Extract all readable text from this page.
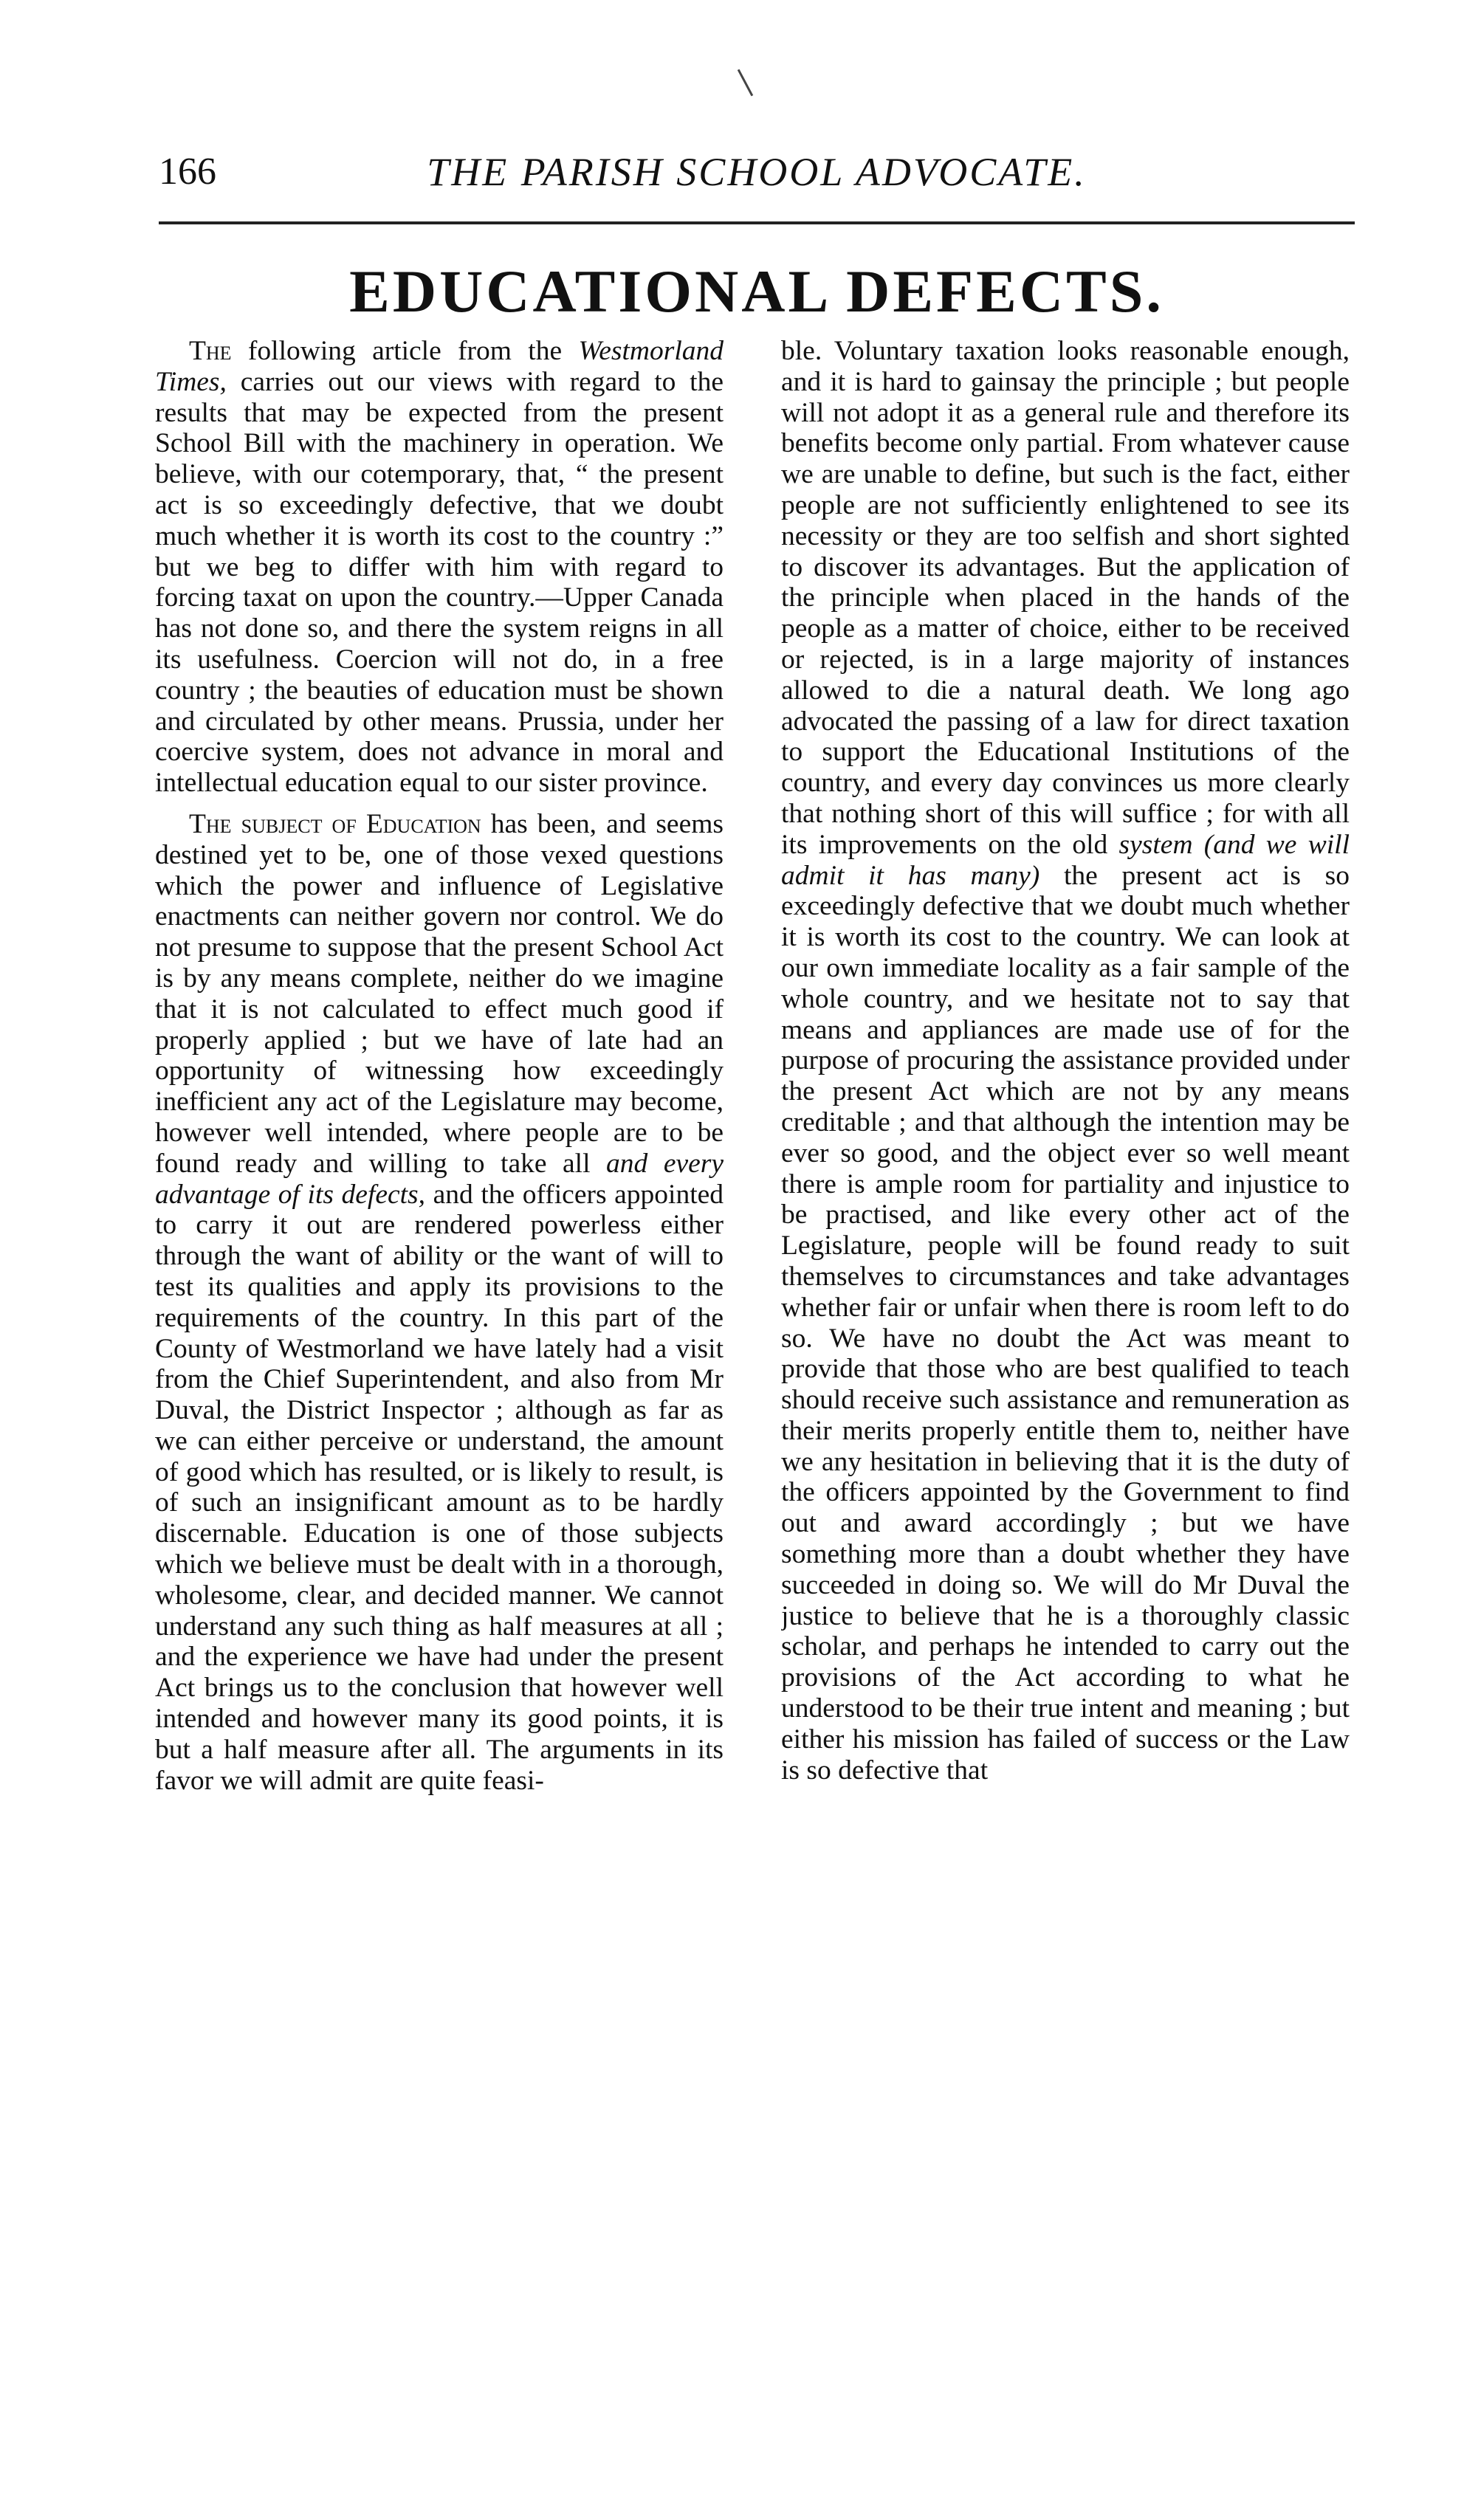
166	THE PARISH SCHOOL ADVOCATE.
EDUCATIONAL DEFECTS.

The following article from the Westmorland Times, carries out our views with regard to the results that may be expected from the present School Bill with the machinery in operation. We believe, with our cotemporary, that, “ the present act is so exceedingly defective, that we doubt much whether it is worth its cost to the country :” but we beg to differ with him with regard to forcing taxat on upon the country.—Upper Canada has not done so, and there the system reigns in all its usefulness. Coercion will not do, in a free country ; the beauties of education must be shown and circulated by other means. Prussia, under her coercive system, does not advance in moral and intellectual education equal to our sister province.

The subject of Education has been, and seems destined yet to be, one of those vexed questions which the power and influence of Legislative enactments can neither govern nor control. We do not presume to suppose that the present School Act is by any means complete, neither do we imagine that it is not calculated to effect much good if properly applied ; but we have of late had an opportunity of witnessing how exceedingly inefficient any act of the Legislature may become, however well intended, where people are to be found ready and willing to take all and every advantage of its defects, and the officers appointed to carry it out are rendered powerless either through the want of ability or the want of will to test its qualities and apply its provisions to the requirements of the country. In this part of the County of Westmorland we have lately had a visit from the Chief Superintendent, and also from Mr Duval, the District Inspector ; although as far as we can either perceive or understand, the amount of good which has resulted, or is likely to result, is of such an insignificant amount as to be hardly discernable. Education is one of those subjects which we believe must be dealt with in a thorough, wholesome, clear, and decided manner. We cannot understand any such thing as half measures at all ; and the experience we have had under the present Act brings us to the conclusion that however well intended and however many its good points, it is but a half measure after all. The arguments in its favor we will admit are quite feasi-

ble. Voluntary taxation looks reasonable enough, and it is hard to gainsay the principle ; but people will not adopt it as a general rule and therefore its benefits become only partial. From whatever cause we are unable to define, but such is the fact, either people are not sufficiently enlightened to see its necessity or they are too selfish and short sighted to discover its advantages. But the application of the principle when placed in the hands of the people as a matter of choice, either to be received or rejected, is in a large majority of instances allowed to die a natural death. We long ago advocated the passing of a law for direct taxation to support the Educational Institutions of the country, and every day convinces us more clearly that nothing short of this will suffice ; for with all its improvements on the old system (and we will admit it has many) the present act is so exceedingly defective that we doubt much whether it is worth its cost to the country. We can look at our own immediate locality as a fair sample of the whole country, and we hesitate not to say that means and appliances are made use of for the purpose of procuring the assistance provided under the present Act which are not by any means creditable ; and that although the intention may be ever so good, and the object ever so well meant there is ample room for partiality and injustice to be practised, and like every other act of the Legislature, people will be found ready to suit themselves to circumstances and take advantages whether fair or unfair when there is room left to do so. We have no doubt the Act was meant to provide that those who are best qualified to teach should receive such assistance and remuneration as their merits properly entitle them to, neither have we any hesitation in believing that it is the duty of the officers appointed by the Government to find out and award accordingly ; but we have something more than a doubt whether they have succeeded in doing so. We will do Mr Duval the justice to believe that he is a thoroughly classic scholar, and perhaps he intended to carry out the provisions of the Act according to what he understood to be their true intent and meaning ; but either his mission has failed of success or the Law is so defective that
